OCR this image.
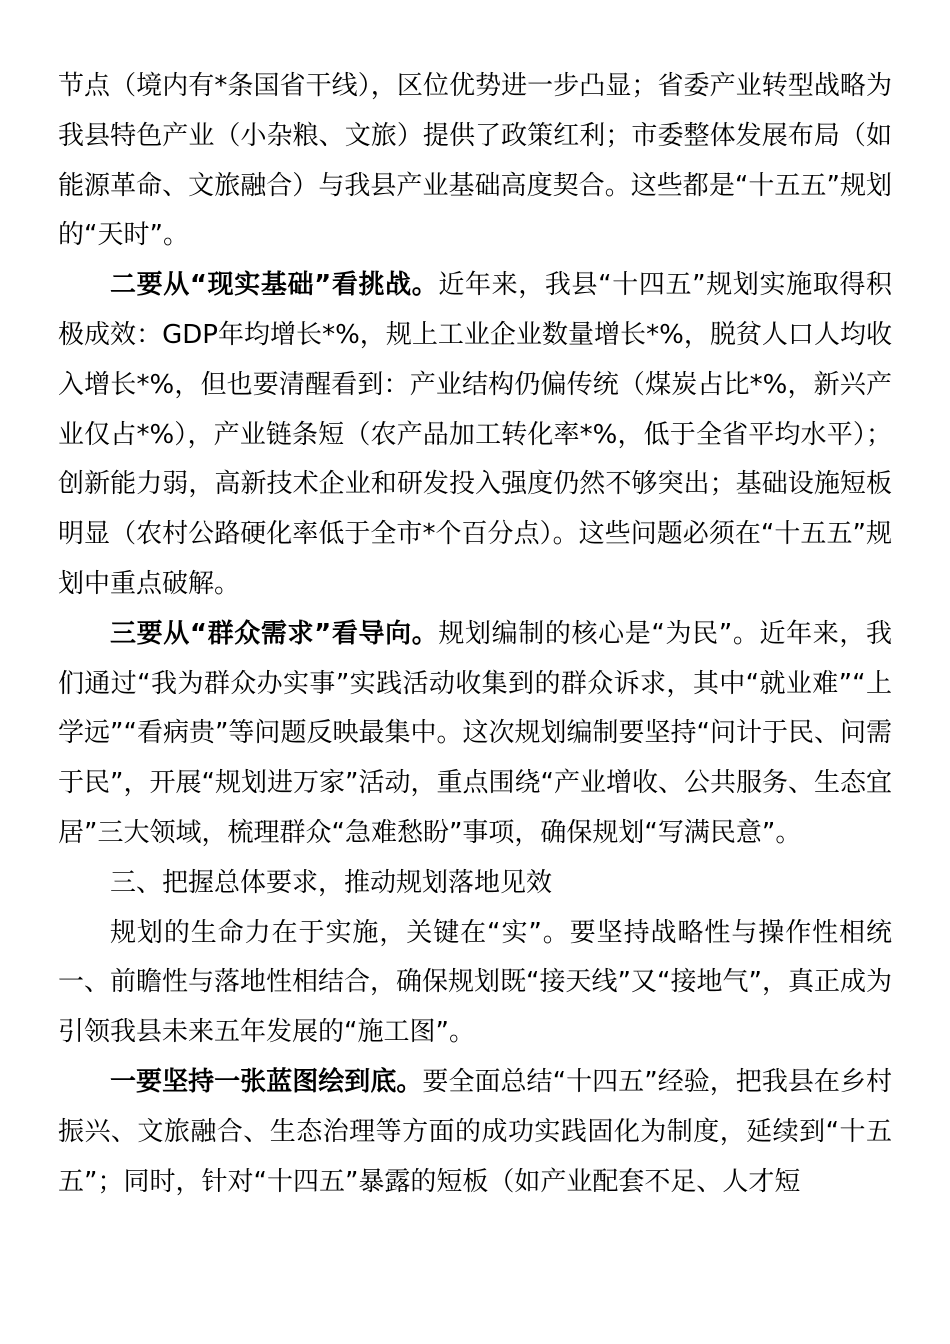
节点（境内有*条国省干线），区位优势进一步凸显；省委产业转型战略为我县特色产业（小杂粮、文旅）提供了政策红利；市委整体发展布局（如能源革命、文旅融合）与我县产业基础高度契合。这些都是“十五五”规划的“天时”。

二要从“现实基础”看挑战。近年来，我县“十四五”规划实施取得积极成效：GDP年均增长*%，规上工业企业数量增长*%，脱贫人口人均收入增长*%，但也要清醒看到：产业结构仍偏传统（煤炭占比*%，新兴产业仅占*%），产业链条短（农产品加工转化率*%，低于全省平均水平）；创新能力弱，高新技术企业和研发投入强度仍然不够突出；基础设施短板明显（农村公路硬化率低于全市*个百分点）。这些问题必须在“十五五”规划中重点破解。

三要从“群众需求”看导向。规划编制的核心是“为民”。近年来，我们通过“我为群众办实事”实践活动收集到的群众诉求，其中“就业难”“上学远”“看病贵”等问题反映最集中。这次规划编制要坚持“问计于民、问需于民”，开展“规划进万家”活动，重点围绕“产业增收、公共服务、生态宜居”三大领域，梳理群众“急难愁盼”事项，确保规划“写满民意”。

三、把握总体要求，推动规划落地见效

规划的生命力在于实施，关键在“实”。要坚持战略性与操作性相统一、前瞻性与落地性相结合，确保规划既“接天线”又“接地气”，真正成为引领我县未来五年发展的“施工图”。

一要坚持一张蓝图绘到底。要全面总结“十四五”经验，把我县在乡村振兴、文旅融合、生态治理等方面的成功实践固化为制度，延续到“十五五”；同时，针对“十四五”暴露的短板（如产业配套不足、人才短
